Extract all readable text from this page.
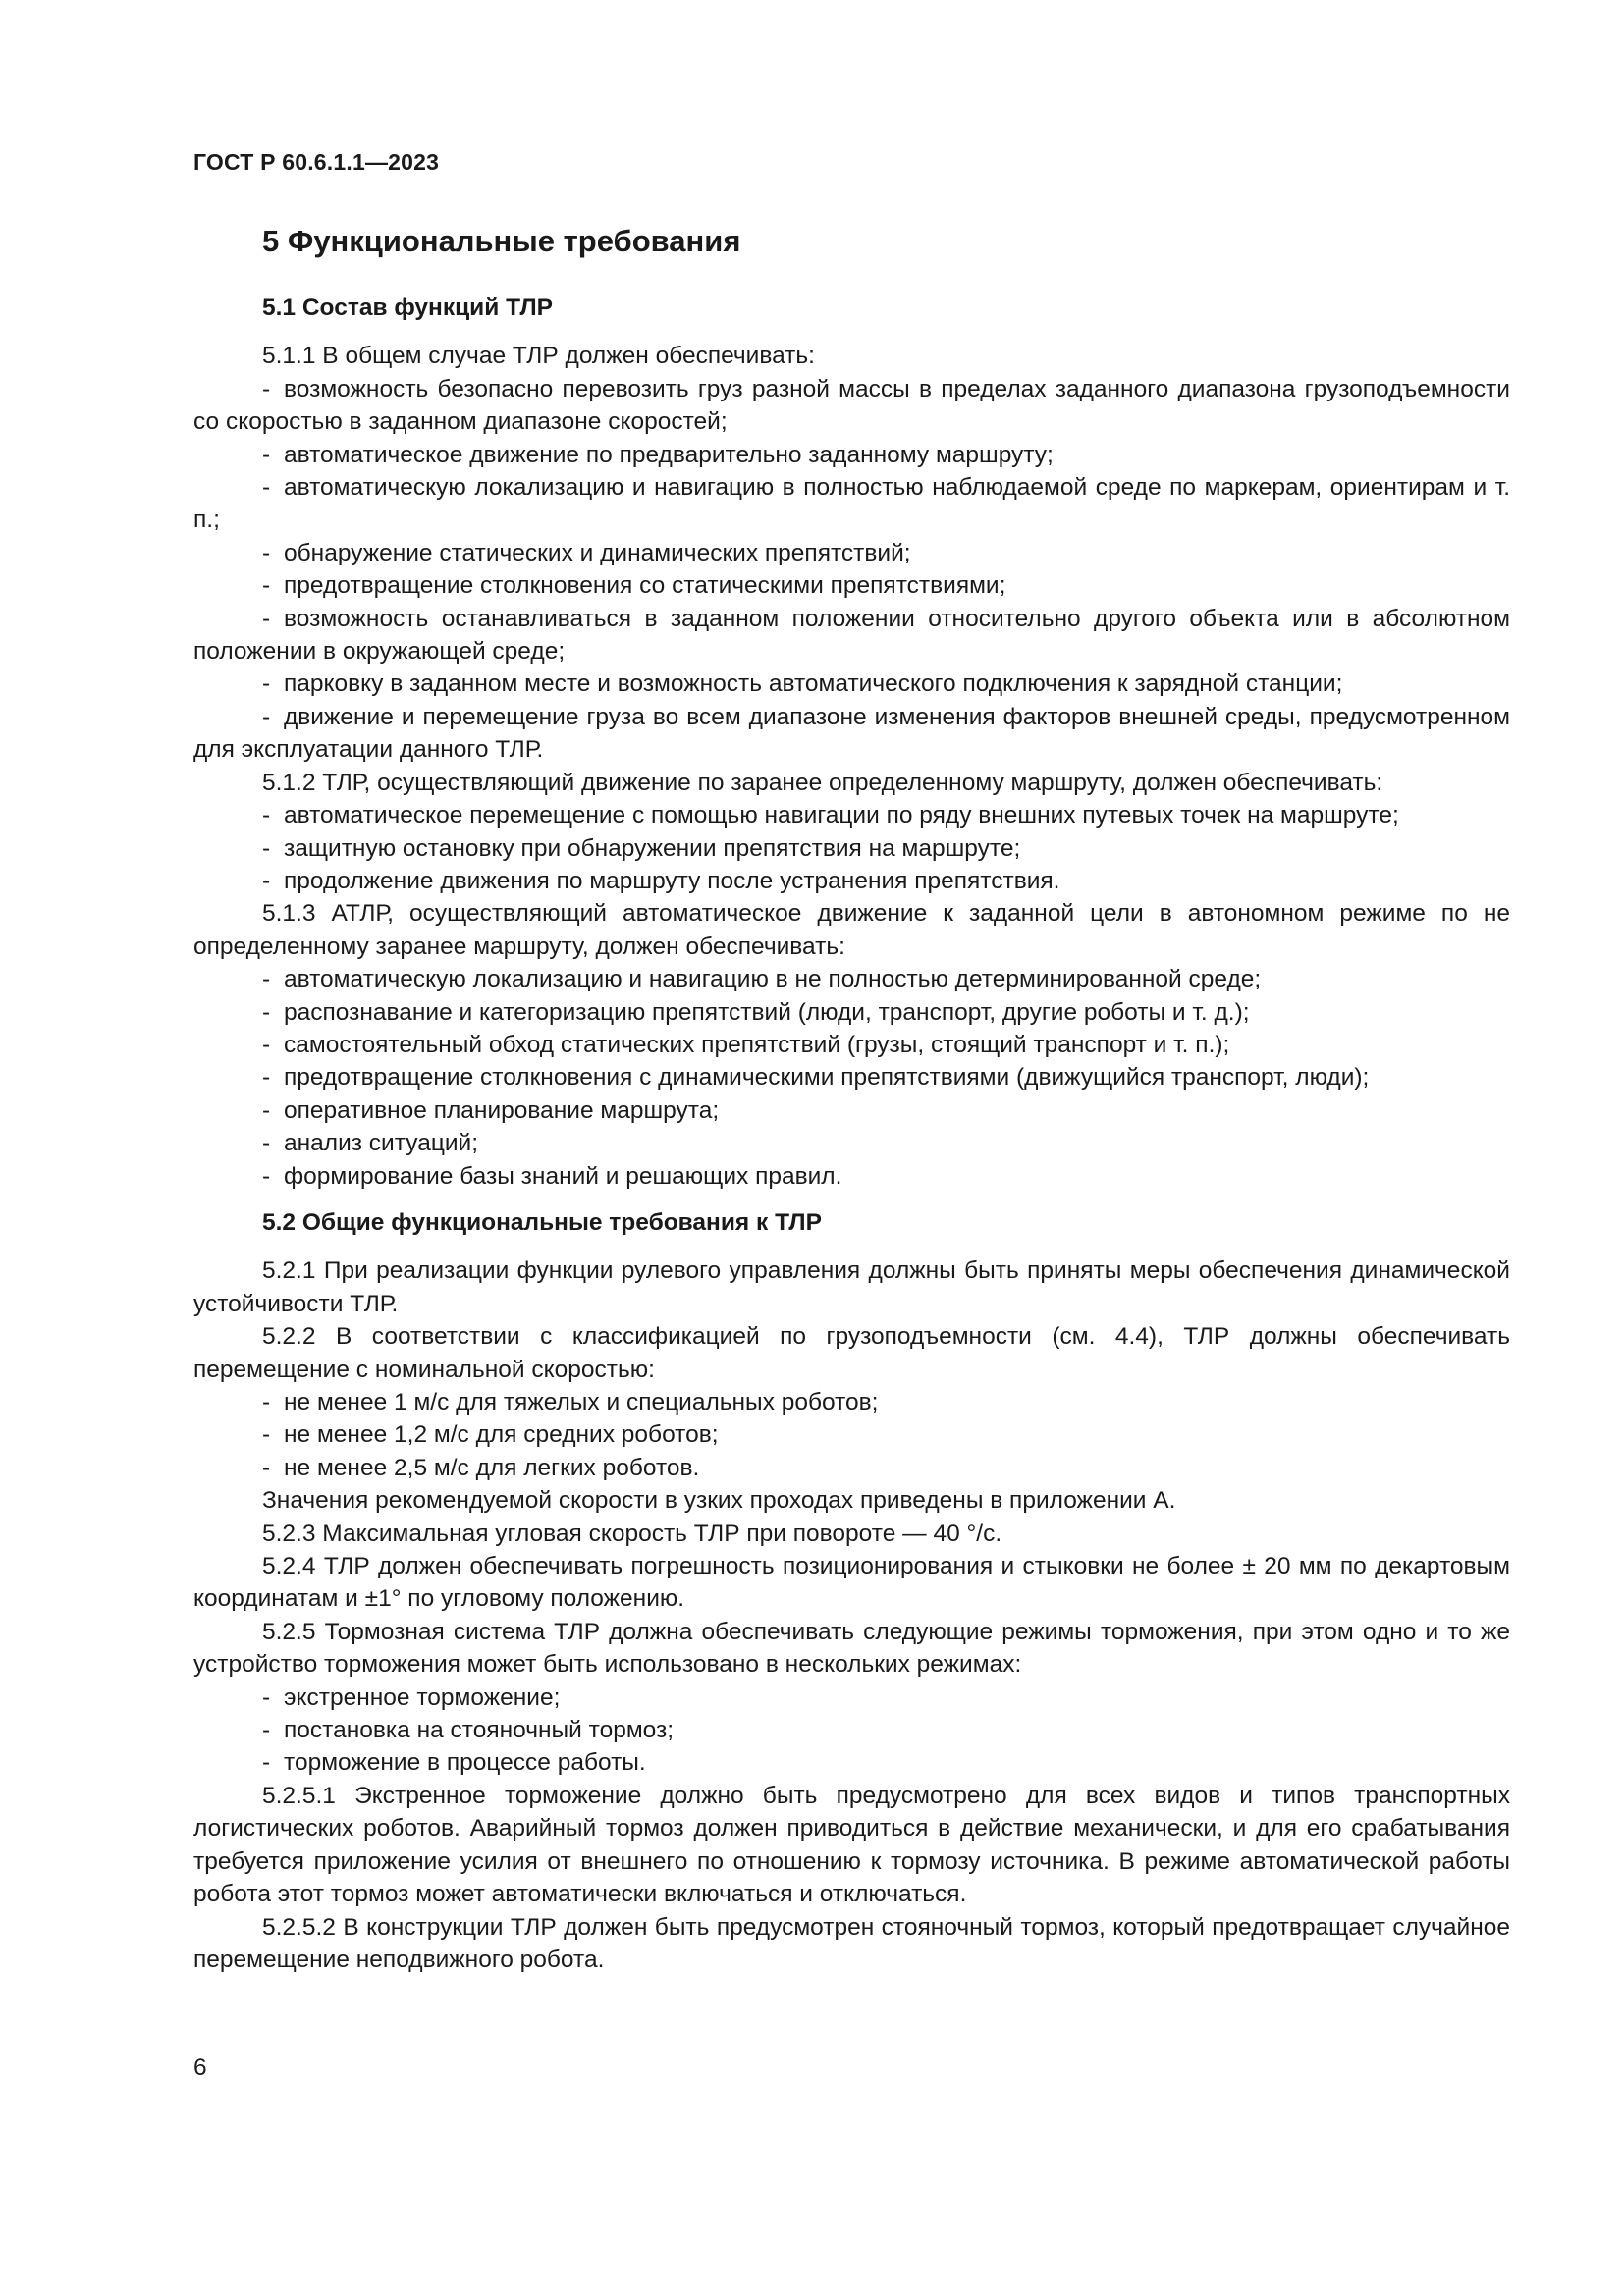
ГОСТ Р 60.6.1.1—2023
5 Функциональные требования
5.1 Состав функций ТЛР

5.1.1 В общем случае ТЛР должен обеспечивать:

- возможность безопасно перевозить груз разной массы в пределах заданного диапазона грузоподъемности со скоростью в заданном диапазоне скоростей;

- автоматическое движение по предварительно заданному маршруту;

- автоматическую локализацию и навигацию в полностью наблюдаемой среде по маркерам, ориентирам и т. п.;

- обнаружение статических и динамических препятствий;

- предотвращение столкновения со статическими препятствиями;

- возможность останавливаться в заданном положении относительно другого объекта или в абсолютном положении в окружающей среде;

- парковку в заданном месте и возможность автоматического подключения к зарядной станции;

- движение и перемещение груза во всем диапазоне изменения факторов внешней среды, предусмотренном для эксплуатации данного ТЛР.

5.1.2 ТЛР, осуществляющий движение по заранее определенному маршруту, должен обеспечивать:

- автоматическое перемещение с помощью навигации по ряду внешних путевых точек на маршруте;

- защитную остановку при обнаружении препятствия на маршруте;

- продолжение движения по маршруту после устранения препятствия.

5.1.3 АТЛР, осуществляющий автоматическое движение к заданной цели в автономном режиме по не определенному заранее маршруту, должен обеспечивать:

- автоматическую локализацию и навигацию в не полностью детерминированной среде;

- распознавание и категоризацию препятствий (люди, транспорт, другие роботы и т. д.);

- самостоятельный обход статических препятствий (грузы, стоящий транспорт и т. п.);

- предотвращение столкновения с динамическими препятствиями (движущийся транспорт, люди);

- оперативное планирование маршрута;

- анализ ситуаций;

- формирование базы знаний и решающих правил.

5.2 Общие функциональные требования к ТЛР

5.2.1 При реализации функции рулевого управления должны быть приняты меры обеспечения динамической устойчивости ТЛР.

5.2.2 В соответствии с классификацией по грузоподъемности (см. 4.4), ТЛР должны обеспечивать перемещение с номинальной скоростью:

- не менее 1 м/с для тяжелых и специальных роботов;

- не менее 1,2 м/с для средних роботов;

- не менее 2,5 м/с для легких роботов.

Значения рекомендуемой скорости в узких проходах приведены в приложении А.

5.2.3 Максимальная угловая скорость ТЛР при повороте — 40 °/с.

5.2.4 ТЛР должен обеспечивать погрешность позиционирования и стыковки не более ± 20 мм по декартовым координатам и ±1° по угловому положению.

5.2.5 Тормозная система ТЛР должна обеспечивать следующие режимы торможения, при этом одно и то же устройство торможения может быть использовано в нескольких режимах:

- экстренное торможение;

- постановка на стояночный тормоз;

- торможение в процессе работы.

5.2.5.1 Экстренное торможение должно быть предусмотрено для всех видов и типов транспортных логистических роботов. Аварийный тормоз должен приводиться в действие механически, и для его срабатывания требуется приложение усилия от внешнего по отношению к тормозу источника. В режиме автоматической работы робота этот тормоз может автоматически включаться и отключаться.

5.2.5.2 В конструкции ТЛР должен быть предусмотрен стояночный тормоз, который предотвращает случайное перемещение неподвижного робота.

6
